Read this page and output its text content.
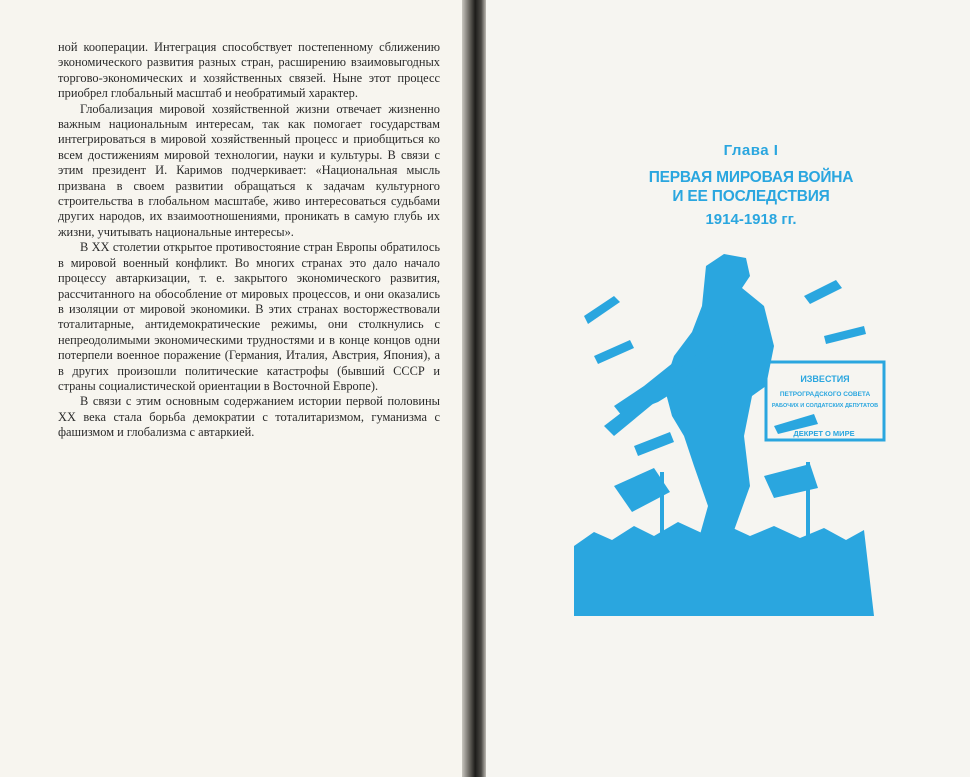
ной кооперации. Интеграция способствует постепенному сближению экономического развития разных стран, расширению взаимовыгодных торгово-экономических и хозяйственных связей. Ныне этот процесс приобрел глобальный масштаб и необратимый характер.

Глобализация мировой хозяйственной жизни отвечает жизненно важным национальным интересам, так как помогает государствам интегрироваться в мировой хозяйственный процесс и приобщиться ко всем достижениям мировой технологии, науки и культуры. В связи с этим президент И. Каримов подчеркивает: «Национальная мысль призвана в своем развитии обращаться к задачам культурного строительства в глобальном масштабе, живо интересоваться судьбами других народов, их взаимоотношениями, проникать в самую глубь их жизни, учитывать национальные интересы».

В XX столетии открытое противостояние стран Европы обратилось в мировой военный конфликт. Во многих странах это дало начало процессу автаркизации, т. е. закрытого экономического развития, рассчитанного на обособление от мировых процессов, и они оказались в изоляции от мировой экономики. В этих странах восторжествовали тоталитарные, антидемократические режимы, они столкнулись с непреодолимыми экономическими трудностями и в конце концов одни потерпели военное поражение (Германия, Италия, Австрия, Япония), а в других произошли политические катастрофы (бывший СССР и страны социалистической ориентации в Восточной Европе).

В связи с этим основным содержанием истории первой половины XX века стала борьба демократии с тоталитаризмом, гуманизма с фашизмом и глобализма с автаркией.

Глава I
ПЕРВАЯ МИРОВАЯ ВОЙНА
И ЕЕ ПОСЛЕДСТВИЯ
1914-1918 гг.
ИЗВЕСТИЯ
ПЕТРОГРАДСКОГО СОВЕТА
РАБОЧИХ И СОЛДАТСКИХ ДЕПУТАТОВ
ДЕКРЕТ О МИРЕ
